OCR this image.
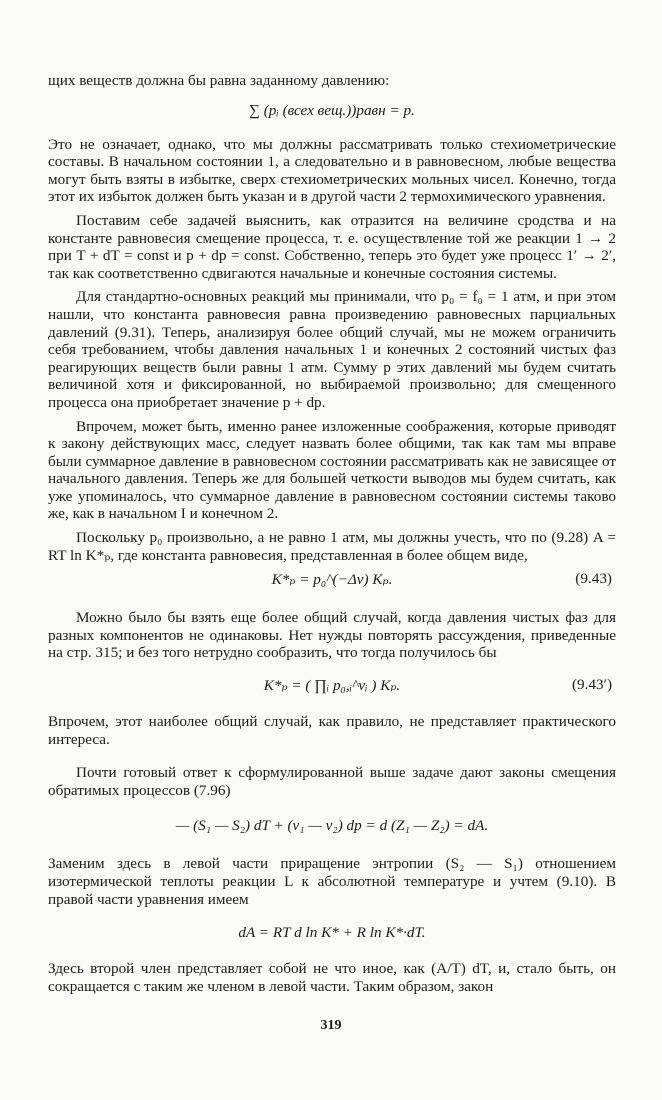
щих веществ должна бы равна заданному давлению:

∑ (pᵢ (всех вещ.))равн = p.

Это не означает, однако, что мы должны рассматривать только стехиометрические составы. В начальном состоянии 1, а следовательно и в равновесном, любые вещества могут быть взяты в избытке, сверх стехиометрических мольных чисел. Конечно, тогда этот их избыток должен быть указан и в другой части 2 термохимического уравнения.

Поставим себе задачей выяснить, как отразится на величине сродства и на константе равновесия смещение процесса, т. е. осуществление той же реакции 1 → 2 при T + dT = const и p + dp = const. Собственно, теперь это будет уже процесс 1′ → 2′, так как соответственно сдвигаются начальные и конечные состояния системы.

Для стандартно-основных реакций мы принимали, что p₀ = f₀ = 1 атм, и при этом нашли, что константа равновесия равна произведению равновесных парциальных давлений (9.31). Теперь, анализируя более общий случай, мы не можем ограничить себя требованием, чтобы давления начальных 1 и конечных 2 состояний чистых фаз реагирующих веществ были равны 1 атм. Сумму p этих давлений мы будем считать величиной хотя и фиксированной, но выбираемой произвольно; для смещенного процесса она приобретает значение p + dp.

Впрочем, может быть, именно ранее изложенные соображения, которые приводят к закону действующих масс, следует назвать более общими, так как там мы вправе были суммарное давление в равновесном состоянии рассматривать как не зависящее от начального давления. Теперь же для большей четкости выводов мы будем считать, как уже упоминалось, что суммарное давление в равновесном состоянии системы таково же, как в начальном I и конечном 2.

Поскольку p₀ произвольно, а не равно 1 атм, мы должны учесть, что по (9.28) A = RT ln K*ₚ, где константа равновесия, представленная в более общем виде,

K*ₚ = p₀^(−Δν) Kₚ.	(9.43)

Можно было бы взять еще более общий случай, когда давления чистых фаз для разных компонентов не одинаковы. Нет нужды повторять рассуждения, приведенные на стр. 315; и без того нетрудно сообразить, что тогда получилось бы

K*ₚ = ( ∏ᵢ p₀,ᵢ^νᵢ ) Kₚ.	(9.43′)

Впрочем, этот наиболее общий случай, как правило, не представляет практического интереса.

Почти готовый ответ к сформулированной выше задаче дают законы смещения обратимых процессов (7.96)

— (S₁ — S₂) dT + (v₁ — v₂) dp = d (Z₁ — Z₂) = dA.

Заменим здесь в левой части приращение энтропии (S₂ — S₁) отношением изотермической теплоты реакции L к абсолютной температуре и учтем (9.10). В правой части уравнения имеем

dA = RT d ln K* + R ln K*·dT.

Здесь второй член представляет собой не что иное, как (A/T) dT, и, стало быть, он сокращается с таким же членом в левой части. Таким образом, закон

319
